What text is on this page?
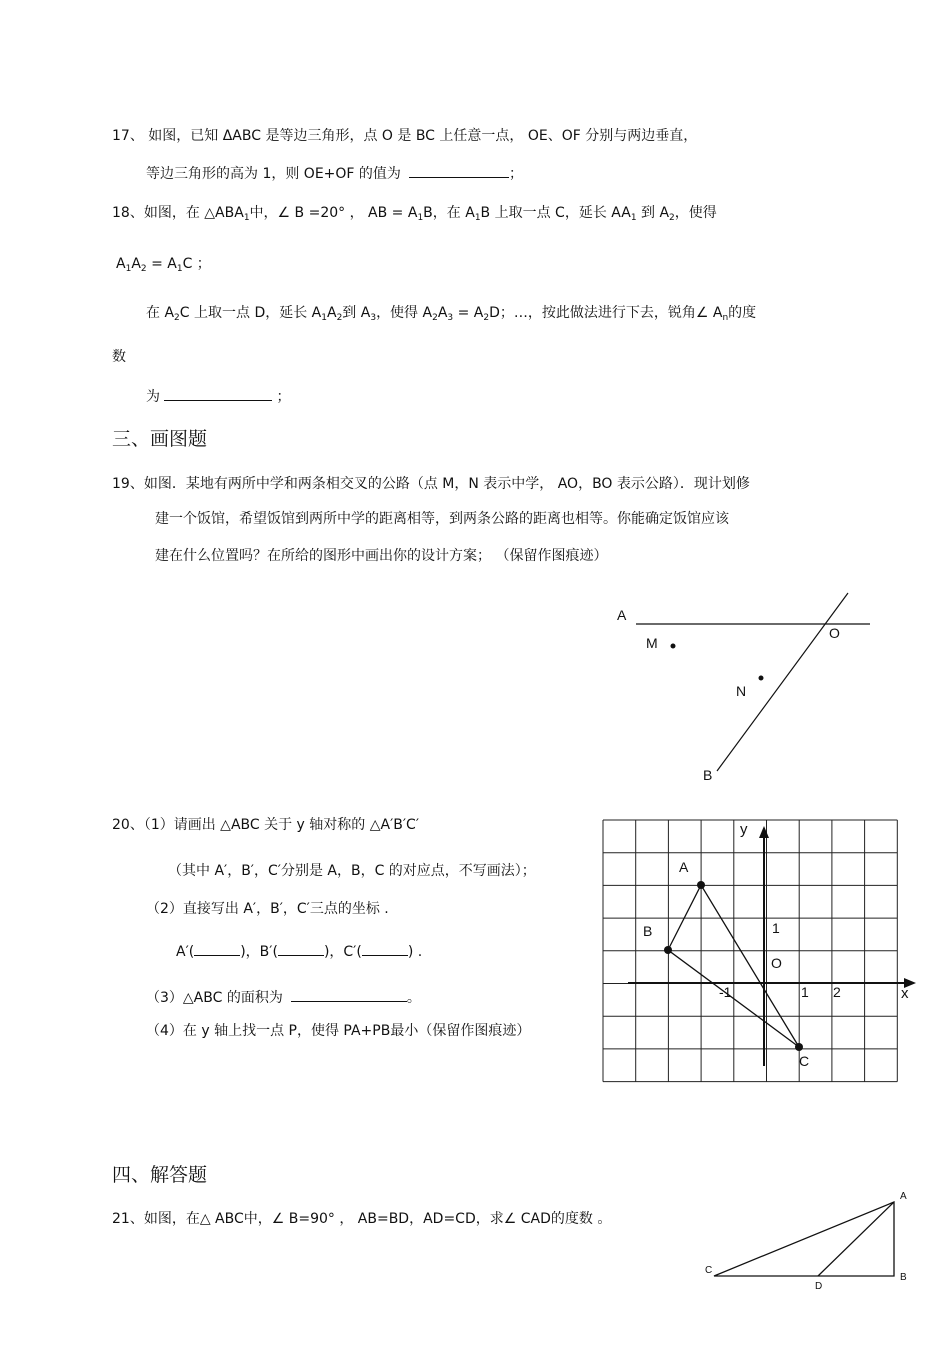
17、 如图，已知 ΔABC 是等边三角形，点 O 是 BC 上任意一点， OE、OF 分别与两边垂直，
等边三角形的高为 1，则 OE+OF 的值为	；
18、如图，在 $\triangle ABA_1$中，∠ B =20° ， AB = $A_1B$，在 $A_1B$ 上取一点 C，延长 $AA_1$ 到 $A_2$，使得
$A_1A_2 = A_1C$ ；
在 $A_2C$ 上取一点 D，延长 $A_1A_2$到 $A_3$，使得 $A_2A_3 = A_2D$；…，按此做法进行下去，锐角∠ $A_n$的度
数
为	；
三、画图题
19、如图．某地有两所中学和两条相交叉的公路（点 M，N 表示中学， AO，BO 表示公路）．现计划修
建一个饭馆，希望饭馆到两所中学的距离相等，到两条公路的距离也相等。你能确定饭馆应该
建在什么位置吗？在所给的图形中画出你的设计方案； （保留作图痕迹）
A
M
O
N
B
20、（1）请画出 △ABC 关于 y 轴对称的 △A′B′C′
（其中 A′，B′，C′分别是 A，B，C 的对应点，不写画法）；
（2）直接写出 A′，B′，C′三点的坐标 .
A′(	)，B′(	)，C′(	) .
（3）△ABC 的面积为	。
（4）在 y 轴上找一点 P，使得 PA+PB最小（保留作图痕迹）
y
x
O
A
B
C
1
-1	1 2
四、解答题
21、如图，在△ ABC中，∠ B=90° ， AB=BD，AD=CD，求∠ CAD的度数 。
A
B
C
D
